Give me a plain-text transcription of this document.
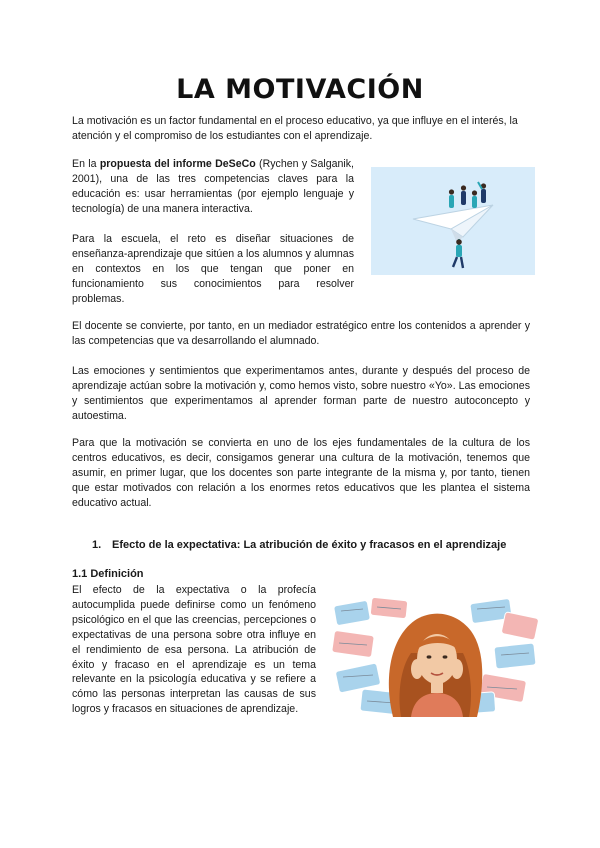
LA MOTIVACIÓN

La motivación es un factor fundamental en el proceso educativo, ya que influye en el interés, la atención y el compromiso de los estudiantes con el aprendizaje.

En la propuesta del informe DeSeCo (Rychen y Salganik, 2001), una de las tres competencias claves para la educación es: usar herramientas (por ejemplo lenguaje y tecnología) de una manera interactiva.

Para la escuela, el reto es diseñar situaciones de enseñanza-aprendizaje que sitúen a los alumnos y alumnas en contextos en los que tengan que poner en funcionamiento sus conocimientos para resolver problemas.

El docente se convierte, por tanto, en un mediador estratégico entre los contenidos a aprender y las competencias que va desarrollando el alumnado.

Las emociones y sentimientos que experimentamos antes, durante y después del proceso de aprendizaje actúan sobre la motivación y, como hemos visto, sobre nuestro «Yo». Las emociones y sentimientos que experimentamos al aprender forman parte de nuestro autoconcepto y autoestima.

Para que la motivación se convierta en uno de los ejes fundamentales de la cultura de los centros educativos, es decir, consigamos generar una cultura de la motivación, tenemos que asumir, en primer lugar, que los docentes son parte integrante de la misma y, por tanto, tienen que estar motivados con relación a los enormes retos educativos que les plantea el sistema educativo actual.

1. Efecto de la expectativa: La atribución de éxito y fracasos en el aprendizaje
1.1 Definición

El efecto de la expectativa o la profecía autocumplida puede definirse como un fenómeno psicológico en el que las creencias, percepciones o expectativas de una persona sobre otra influye en el rendimiento de esa persona. La atribución de éxito y fracaso en el aprendizaje es un tema relevante en la psicología educativa y se refiere a cómo las personas interpretan las causas de sus logros y fracasos en situaciones de aprendizaje.
